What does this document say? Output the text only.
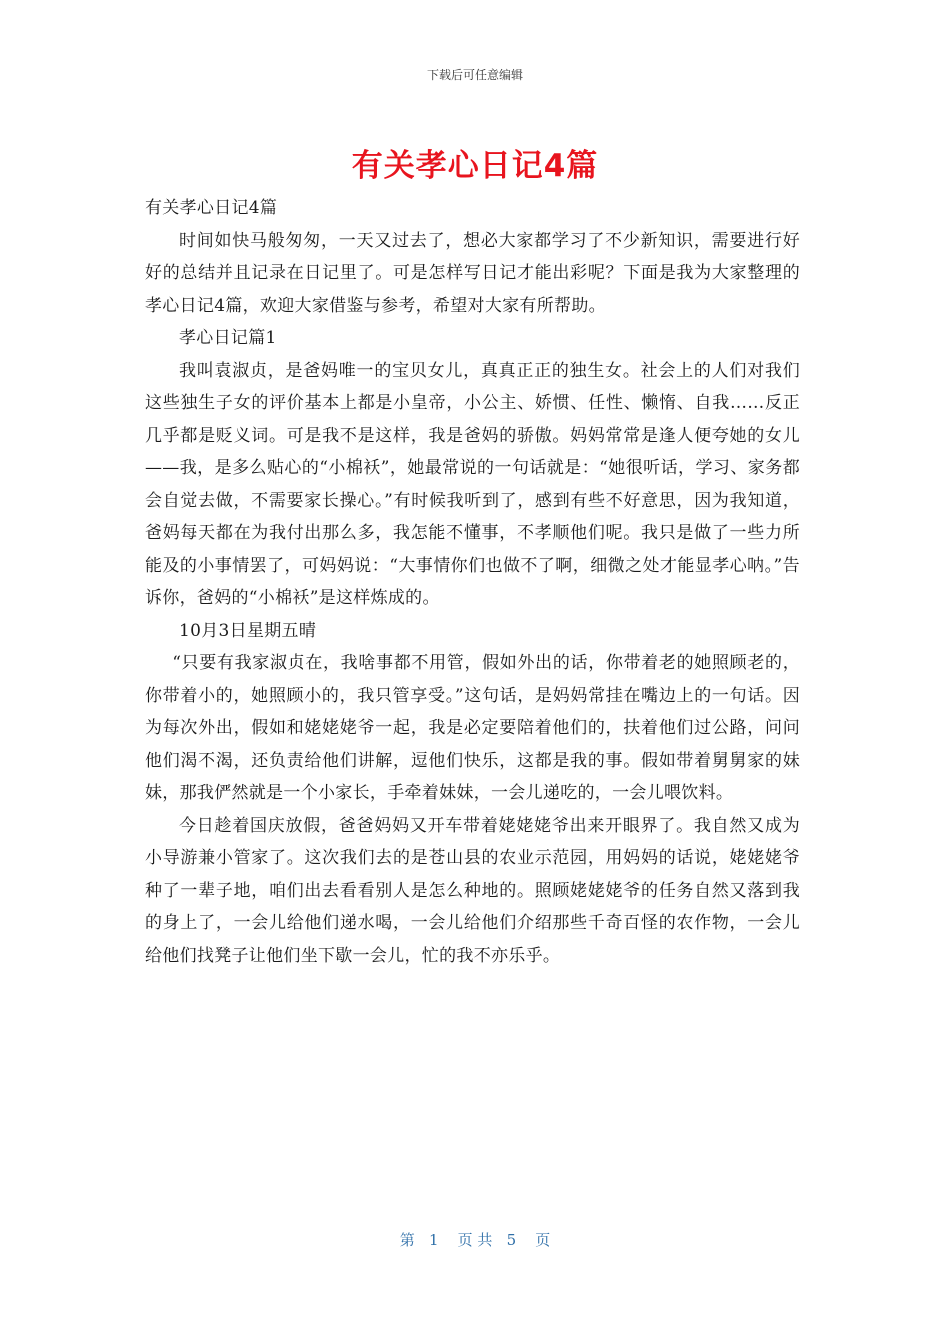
下载后可任意编辑
有关孝心日记4篇

有关孝心日记4篇

时间如快马般匆匆，一天又过去了，想必大家都学习了不少新知识，需要进行好好的总结并且记录在日记里了。可是怎样写日记才能出彩呢？下面是我为大家整理的孝心日记4篇，欢迎大家借鉴与参考，希望对大家有所帮助。

孝心日记篇1

我叫袁淑贞，是爸妈唯一的宝贝女儿，真真正正的独生女。社会上的人们对我们这些独生子女的评价基本上都是小皇帝，小公主、娇惯、任性、懒惰、自我……反正几乎都是贬义词。可是我不是这样，我是爸妈的骄傲。妈妈常常是逢人便夸她的女儿——我，是多么贴心的“小棉袄”，她最常说的一句话就是：“她很听话，学习、家务都会自觉去做，不需要家长操心。”有时候我听到了，感到有些不好意思，因为我知道，爸妈每天都在为我付出那么多，我怎能不懂事，不孝顺他们呢。我只是做了一些力所能及的小事情罢了，可妈妈说：“大事情你们也做不了啊，细微之处才能显孝心呐。”告诉你，爸妈的“小棉袄”是这样炼成的。

10月3日星期五晴

“只要有我家淑贞在，我啥事都不用管，假如外出的话，你带着老的她照顾老的，你带着小的，她照顾小的，我只管享受。”这句话，是妈妈常挂在嘴边上的一句话。因为每次外出，假如和姥姥姥爷一起，我是必定要陪着他们的，扶着他们过公路，问问他们渴不渴，还负责给他们讲解，逗他们快乐，这都是我的事。假如带着舅舅家的妹妹，那我俨然就是一个小家长，手牵着妹妹，一会儿递吃的，一会儿喂饮料。

今日趁着国庆放假，爸爸妈妈又开车带着姥姥姥爷出来开眼界了。我自然又成为小导游兼小管家了。这次我们去的是苍山县的农业示范园，用妈妈的话说，姥姥姥爷种了一辈子地，咱们出去看看别人是怎么种地的。照顾姥姥姥爷的任务自然又落到我的身上了，一会儿给他们递水喝，一会儿给他们介绍那些千奇百怪的农作物，一会儿给他们找凳子让他们坐下歇一会儿，忙的我不亦乐乎。

第   1    页 共   5    页
